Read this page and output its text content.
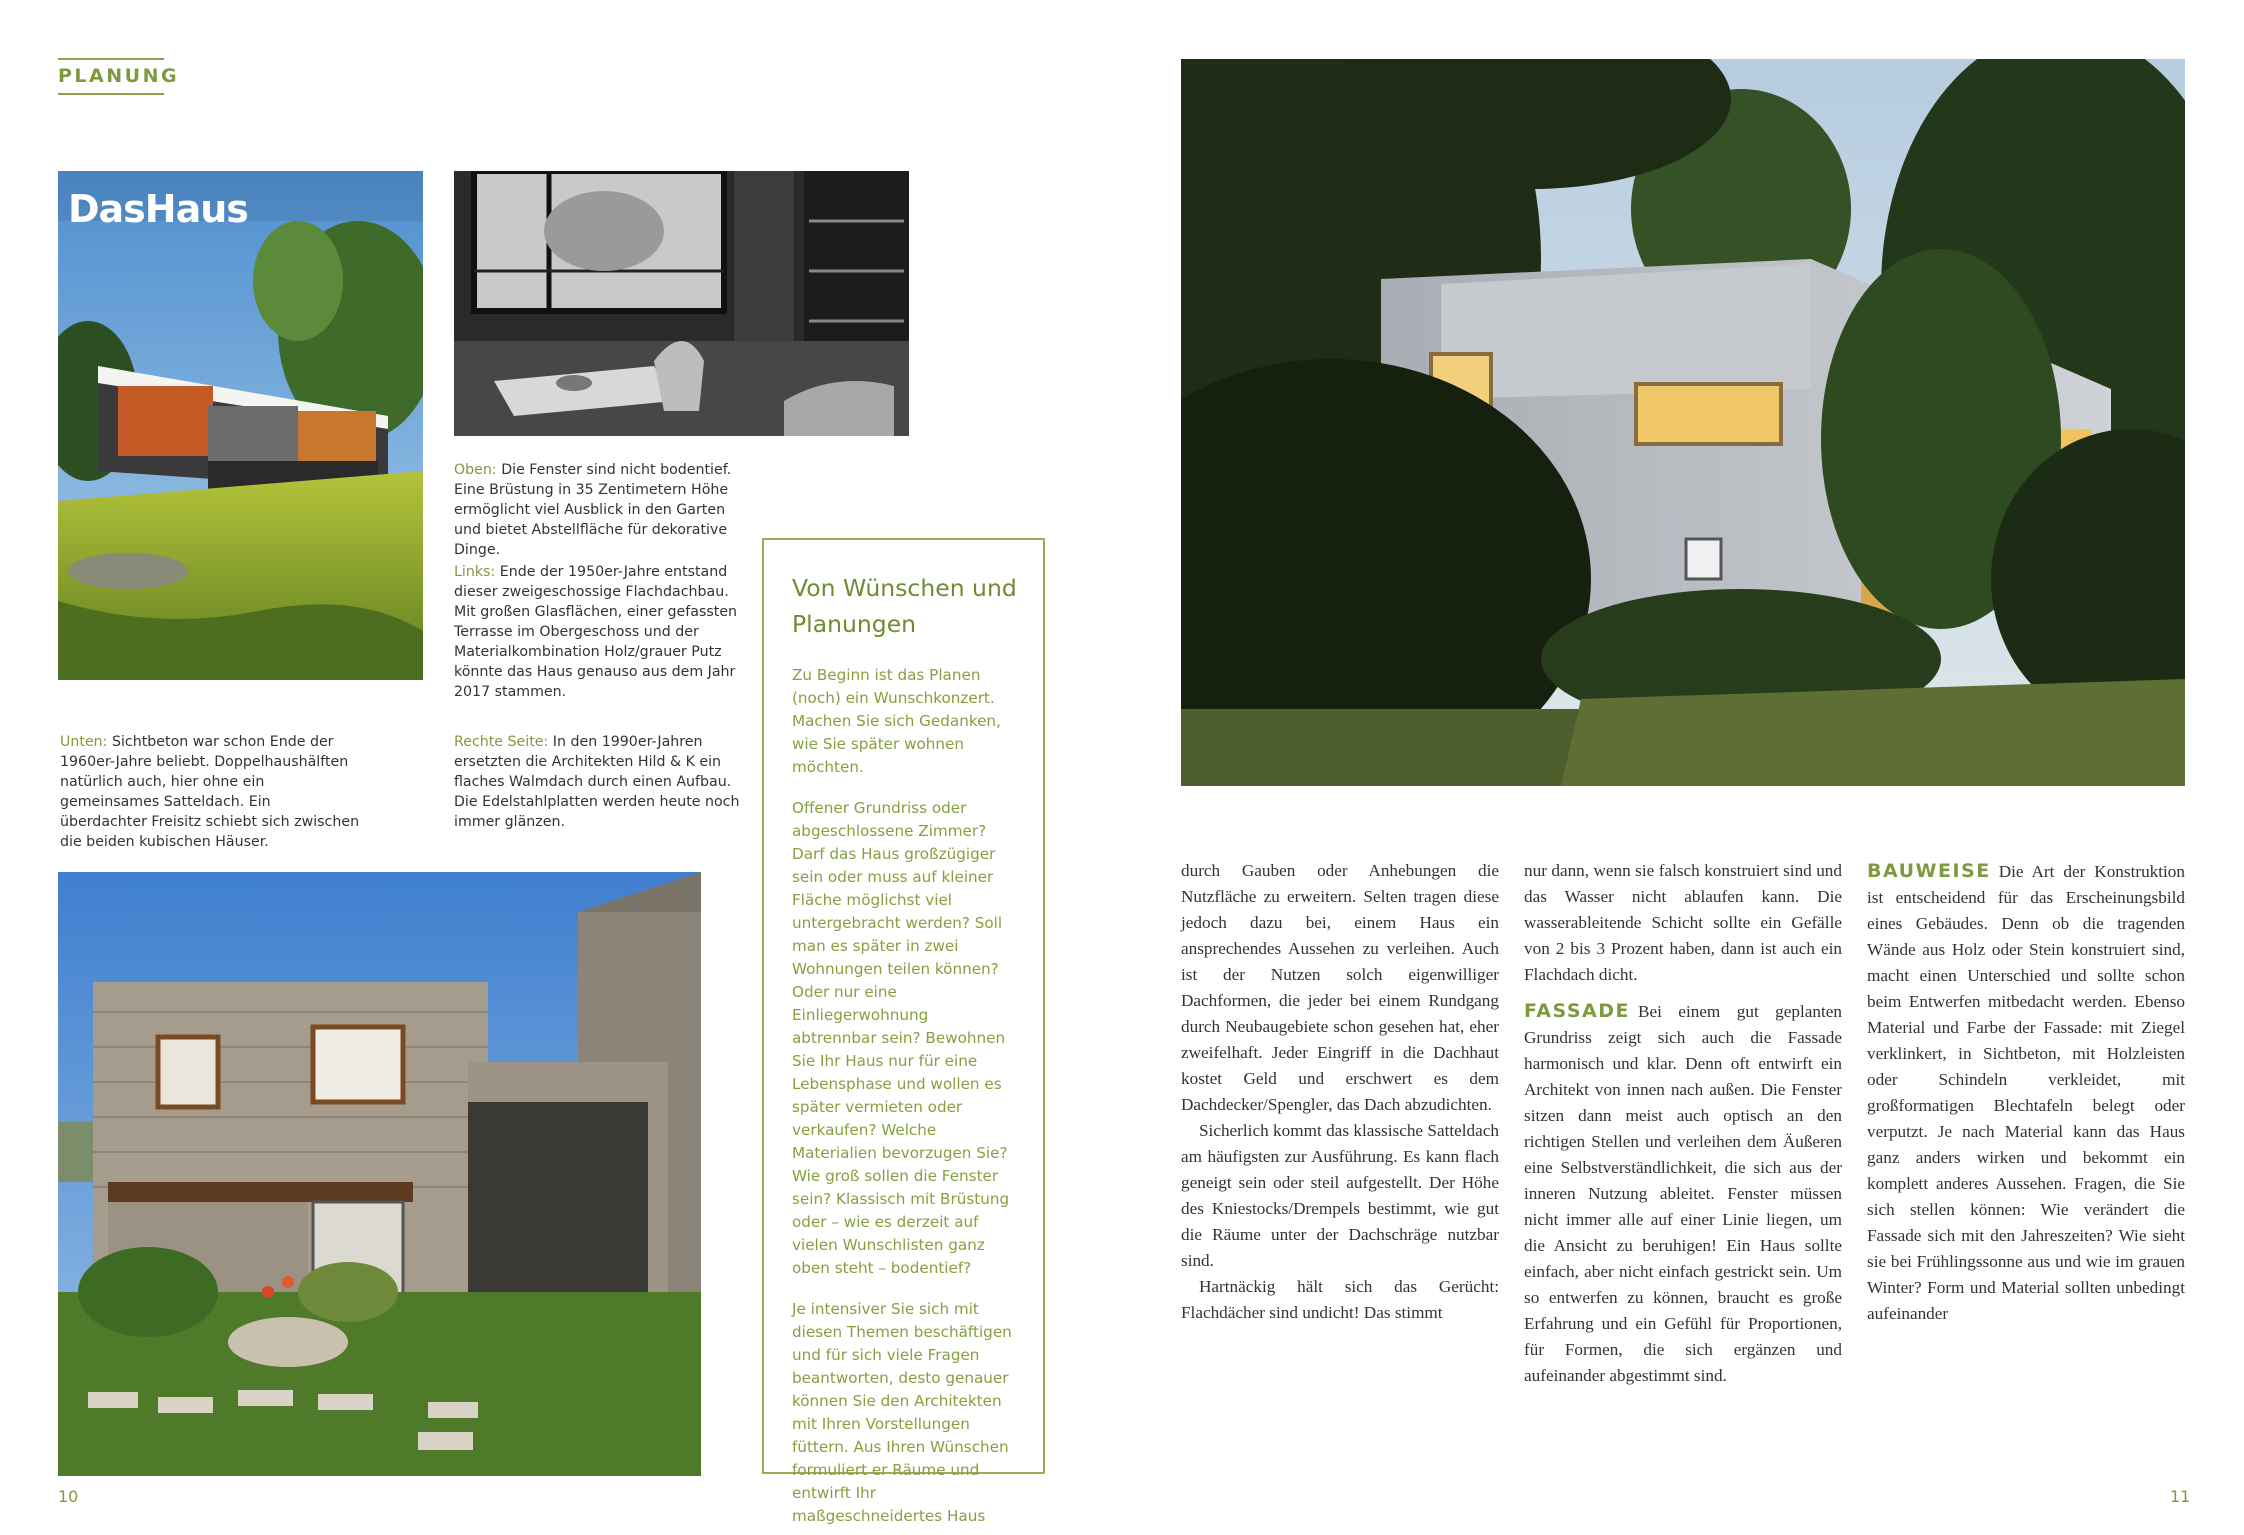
PLANUNG
DasHaus
Oben: Die Fenster sind nicht bodentief. Eine Brüstung in 35 Zentimetern Höhe ermöglicht viel Ausblick in den Garten und bietet Abstellfläche für dekorative Dinge.
Links: Ende der 1950er-Jahre entstand dieser zweigeschossige Flachdachbau. Mit großen Glasflächen, einer gefassten Terrasse im Obergeschoss und der Materialkombination Holz/grauer Putz könnte das Haus genauso aus dem Jahr 2017 stammen.
Unten: Sichtbeton war schon Ende der 1960er-Jahre beliebt. Doppelhaushälften natürlich auch, hier ohne ein gemeinsames Satteldach. Ein überdachter Freisitz schiebt sich zwischen die beiden kubischen Häuser.
Rechte Seite: In den 1990er-Jahren ersetzten die Architekten Hild & K ein flaches Walmdach durch einen Aufbau. Die Edelstahlplatten werden heute noch immer glänzen.
Von Wünschen und Planungen

Zu Beginn ist das Planen (noch) ein Wunschkonzert. Machen Sie sich Gedanken, wie Sie später wohnen möchten.

Offener Grundriss oder abgeschlossene Zimmer? Darf das Haus großzügiger sein oder muss auf kleiner Fläche möglichst viel untergebracht werden? Soll man es später in zwei Wohnungen teilen können? Oder nur eine Einliegerwohnung abtrennbar sein? Bewohnen Sie Ihr Haus nur für eine Lebensphase und wollen es später vermieten oder verkaufen? Welche Materialien bevorzugen Sie? Wie groß sollen die Fenster sein? Klassisch mit Brüstung oder – wie es derzeit auf vielen Wunschlisten ganz oben steht – bodentief?

Je intensiver Sie sich mit diesen Themen beschäftigen und für sich viele Fragen beantworten, desto genauer können Sie den Architekten mit Ihren Vorstellungen füttern. Aus Ihren Wünschen formuliert er Räume und entwirft Ihr maßgeschneidertes Haus

durch Gauben oder Anhebungen die Nutzfläche zu erweitern. Selten tragen diese jedoch dazu bei, einem Haus ein ansprechendes Aussehen zu verleihen. Auch ist der Nutzen solch eigenwilliger Dachformen, die jeder bei einem Rundgang durch Neubaugebiete schon gesehen hat, eher zweifelhaft. Jeder Eingriff in die Dachhaut kostet Geld und erschwert es dem Dachdecker/Spengler, das Dach abzudichten.

Sicherlich kommt das klassische Satteldach am häufigsten zur Ausführung. Es kann flach geneigt sein oder steil aufgestellt. Der Höhe des Kniestocks/Drempels bestimmt, wie gut die Räume unter der Dachschräge nutzbar sind.

Hartnäckig hält sich das Gerücht: Flachdächer sind undicht! Das stimmt

nur dann, wenn sie falsch konstruiert sind und das Wasser nicht ablaufen kann. Die wasserableitende Schicht sollte ein Gefälle von 2 bis 3 Prozent haben, dann ist auch ein Flachdach dicht.

FASSADE Bei einem gut geplanten Grundriss zeigt sich auch die Fassade harmonisch und klar. Denn oft entwirft ein Architekt von innen nach außen. Die Fenster sitzen dann meist auch optisch an den richtigen Stellen und verleihen dem Äußeren eine Selbstverständlichkeit, die sich aus der inneren Nutzung ableitet. Fenster müssen nicht immer alle auf einer Linie liegen, um die Ansicht zu beruhigen! Ein Haus sollte einfach, aber nicht einfach gestrickt sein. Um so entwerfen zu können, braucht es große Erfahrung und ein Gefühl für Proportionen, für Formen, die sich ergänzen und aufeinander abgestimmt sind.

BAUWEISE Die Art der Konstruktion ist entscheidend für das Erscheinungsbild eines Gebäudes. Denn ob die tragenden Wände aus Holz oder Stein konstruiert sind, macht einen Unterschied und sollte schon beim Entwerfen mitbedacht werden. Ebenso Material und Farbe der Fassade: mit Ziegel verklinkert, in Sichtbeton, mit Holzleisten oder Schindeln verkleidet, mit großformatigen Blechtafeln belegt oder verputzt. Je nach Material kann das Haus ganz anders wirken und bekommt ein komplett anderes Aussehen. Fragen, die Sie sich stellen können: Wie verändert die Fassade sich mit den Jahreszeiten? Wie sieht sie bei Frühlingssonne aus und wie im grauen Winter? Form und Material sollten unbedingt aufeinander

10	11
